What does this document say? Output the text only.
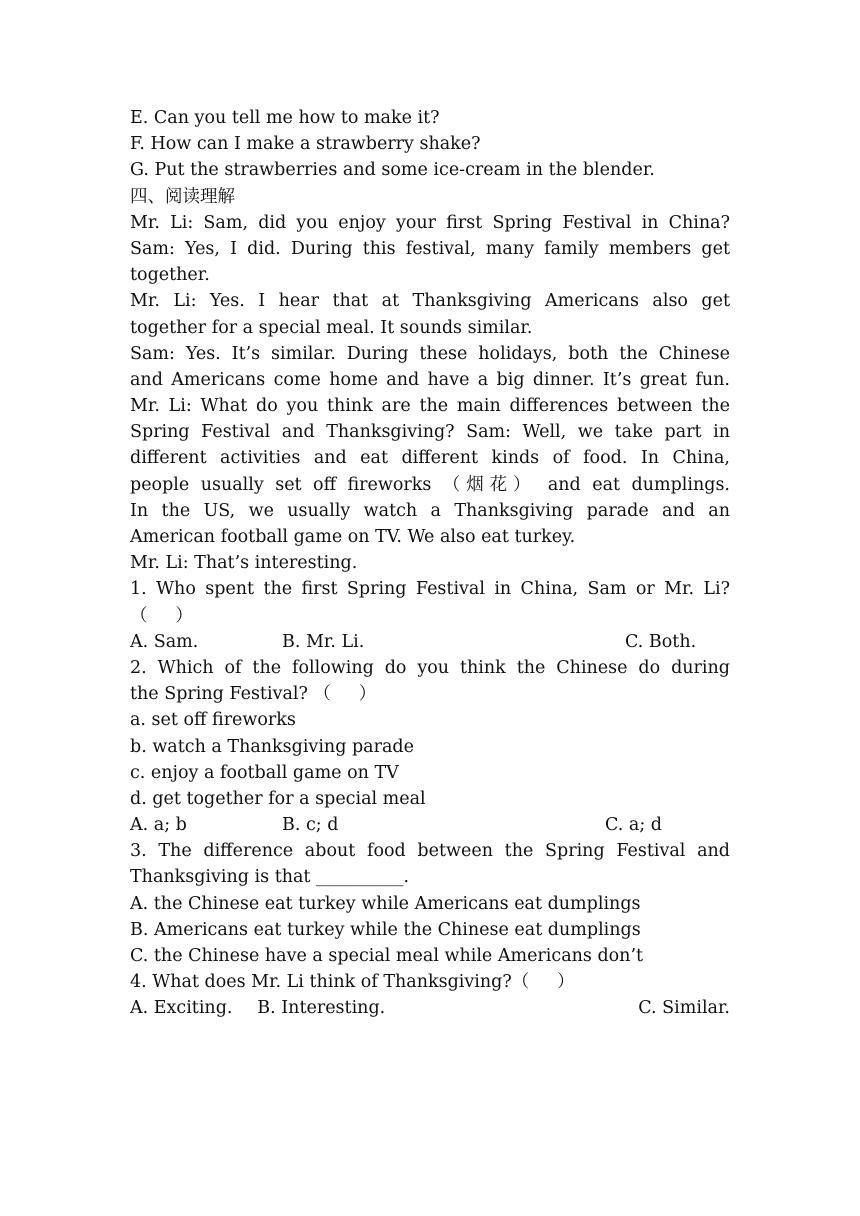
E. Can you tell me how to make it?
F. How can I make a strawberry shake?
G. Put the strawberries and some ice-cream in the blender.
四、阅读理解
Mr. Li: Sam, did you enjoy your first Spring Festival in China?
Sam: Yes, I did. During this festival, many family members get
together.
Mr. Li: Yes. I hear that at Thanksgiving Americans also get
together for a special meal. It sounds similar.
Sam: Yes. It’s similar. During these holidays, both the Chinese
and Americans come home and have a big dinner. It’s great fun.
Mr. Li: What do you think are the main differences between the
Spring Festival and Thanksgiving? Sam: Well, we take part in
different activities and eat different kinds of food. In China,
people usually set off fireworks （烟花） and eat dumplings.
In the US, we usually watch a Thanksgiving parade and an
American football game on TV. We also eat turkey.
Mr. Li: That’s interesting.
1. Who spent the first Spring Festival in China, Sam or Mr. Li?
（     ）
A. Sam.	B. Mr. Li.	C. Both.
2. Which of the following do you think the Chinese do during
the Spring Festival? （     ）
a. set off fireworks
b. watch a Thanksgiving parade
c. enjoy a football game on TV
d. get together for a special meal
A. a; b	B. c; d	C. a; d
3. The difference about food between the Spring Festival and
Thanksgiving is that __________.
A. the Chinese eat turkey while Americans eat dumplings
B. Americans eat turkey while the Chinese eat dumplings
C. the Chinese have a special meal while Americans don’t
4. What does Mr. Li think of Thanksgiving?（     ）
A. Exciting.	B. Interesting.	C. Similar.
